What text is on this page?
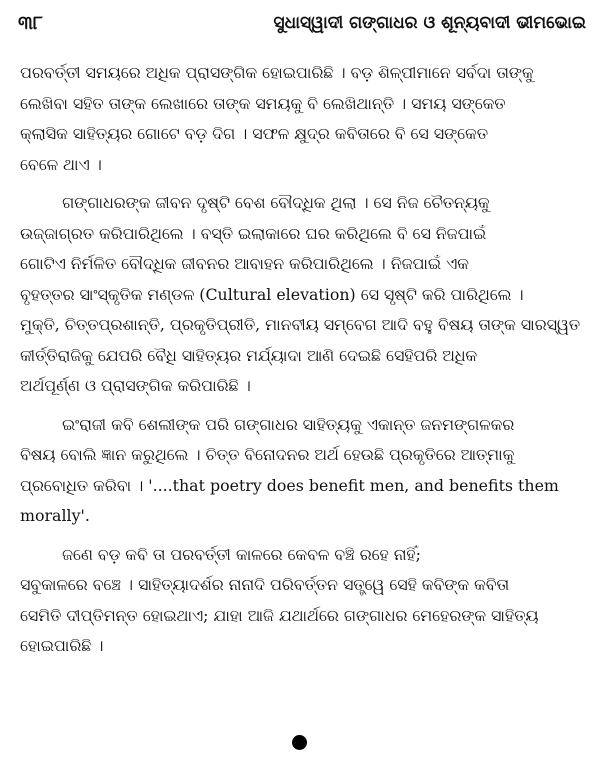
୩୮	ସୁଧାସ୍ୱାଦୀ ଗଙ୍ଗାଧର ଓ ଶୂନ୍ୟବାଦୀ ଭୀମଭୋଇ
ପରବର୍ତ୍ତୀ ସମୟରେ ଅଧିକ ପ୍ରାସଙ୍ଗିକ ହୋଇପାରିଛି । ବଡ଼ ଶିଳ୍ପୀମାନେ ସର୍ବଦା ତାଙ୍କୁ
ଲେଖିବା ସହିତ ତାଙ୍କ ଲେଖାରେ ତାଙ୍କ ସମୟକୁ ବି ଲେଖିଥାନ୍ତି । ସମୟ ସଙ୍କେତ
କ୍ଲାସିକ ସାହିତ୍ୟର ଗୋଟେ ବଡ଼ ଦିଗ । ସଫଳ କ୍ଷୁଦ୍ର କବିତାରେ ବି ସେ ସଙ୍କେତ
ବେଳେ ଥାଏ ।
ଗଙ୍ଗାଧରଙ୍କ ଜୀବନ ଦୃଷ୍ଟି ବେଶ ବୌଦ୍ଧିକ ଥିଲା । ସେ ନିଜ ଚୈତନ୍ୟକୁ
ଉଜ୍ଜାଗ୍ରତ କରିପାରିଥିଲେ । ବସ୍ତି ଇଲାକାରେ ଘର କରିଥିଲେ ବି ସେ ନିଜପାଇଁ
ଗୋଟିଏ ନିର୍ମଳିତ ବୌଦ୍ଧିକ ଜୀବନର ଆବାହନ କରିପାରିଥିଲେ । ନିଜପାଇଁ ଏକ
ବୃହତ୍ତର ସାଂସ୍କୃତିକ ମଣ୍ଡଳ (Cultural elevation) ସେ ସୃଷ୍ଟି କରି ପାରିଥିଲେ ।
ମୁକ୍ତି, ଚିତ୍ତପ୍ରଶାନ୍ତି, ପ୍ରକୃତିପ୍ରୀତି, ମାନବୀୟ ସମ୍ବେଗ ଆଦି ବହୁ ବିଷୟ ତାଙ୍କ ସାରସ୍ୱତ
କୀର୍ତ୍ତିରାଜିକୁ ଯେପରି ବୈଧି ସାହିତ୍ୟର ମର୍ଯ୍ୟାଦା ଆଣି ଦେଇଛି ସେହିପରି ଅଧିକ
ଅର୍ଥପୂର୍ଣ୍ଣ ଓ ପ୍ରାସଙ୍ଗିକ କରିପାରିଛି ।
ଇଂରାଜୀ କବି ଶେଲୀଙ୍କ ପରି ଗଙ୍ଗାଧର ସାହିତ୍ୟକୁ ଏକାନ୍ତ ଜନମଙ୍ଗଳକର
ବିଷୟ ବୋଲି ଜ୍ଞାନ କରୁଥିଲେ । ଚିତ୍ତ ବିନୋଦନର ଅର୍ଥ ହେଉଛି ପ୍ରକୃତିରେ ଆତ୍ମାକୁ
ପ୍ରବୋଧିତ କରିବା । '....that poetry does benefit men, and benefits them
morally'.
ଜଣେ ବଡ଼ କବି ତା ପରବର୍ତ୍ତୀ କାଳରେ କେବଳ ବଞ୍ଚି ରହେ ନାହିଁ;
ସବୁକାଳରେ ବଞ୍ଚେ । ସାହିତ୍ୟାଦର୍ଶର ନାନାଦି ପରିବର୍ତ୍ତନ ସତ୍ତ୍ୱେ ସେହି କବିଙ୍କ କବିତା
ସେମିତି ଦୀପ୍ତିମନ୍ତ ହୋଇଥାଏ; ଯାହା ଆଜି ଯଥାର୍ଥରେ ଗଙ୍ଗାଧର ମେହେରଙ୍କ ସାହିତ୍ୟ
ହୋଇପାରିଛି ।
